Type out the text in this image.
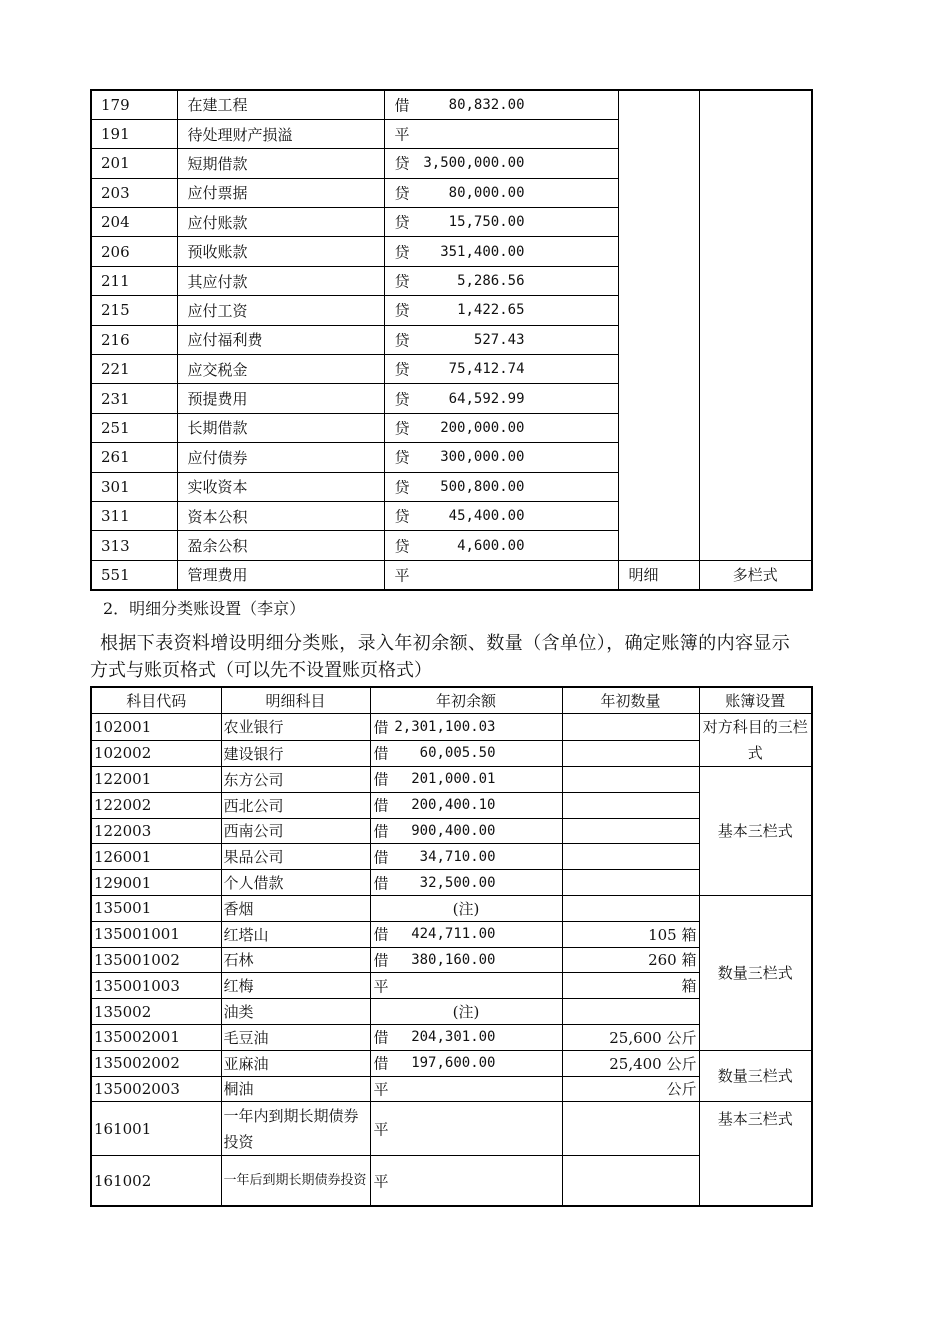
179	在建工程	借 80,832.00		

191	待处理财产损溢	平		

201	短期借款	贷 3,500,000.00		

203	应付票据	贷 80,000.00		

204	应付账款	贷 15,750.00		

206	预收账款	贷 351,400.00		

211	其应付款	贷 5,286.56		

215	应付工资	贷 1,422.65		

216	应付福利费	贷 527.43		

221	应交税金	贷 75,412.74		

231	预提费用	贷 64,592.99		

251	长期借款	贷 200,000.00		

261	应付债券	贷 300,000.00		

301	实收资本	贷 500,800.00		

311	资本公积	贷 45,400.00		

313	盈余公积	贷 4,600.00		

551	管理费用	平	明细	多栏式
2．明细分类账设置（李京）
根据下表资料增设明细分类账，录入年初余额、数量（含单位），确定账簿的内容显示
方式与账页格式（可以先不设置账页格式）
科目代码	明细科目	年初余额	年初数量	账簿设置
102001	农业银行	借 2,301,100.03		对方科目的三栏式
102002	建设银行	借 60,005.50		

122001	东方公司	借 201,000.01		基本三栏式
122002	西北公司	借 200,400.10		

122003	西南公司	借 900,400.00		

126001	果品公司	借 34,710.00		

129001	个人借款	借 32,500.00		

135001	香烟	(注)		数量三栏式
135001001	红塔山	借 424,711.00	105 箱	
135001002	石林	借 380,160.00	260 箱	
135001003	红梅	平	箱	
135002	油类	(注)		
135002001	毛豆油	借 204,301.00	25,600 公斤	
135002002	亚麻油	借 197,600.00	25,400 公斤	数量三栏式
135002003	桐油	平	公斤	
161001	一年内到期长期债券投资	平		基本三栏式
161002	一年后到期长期债券投资	平		
